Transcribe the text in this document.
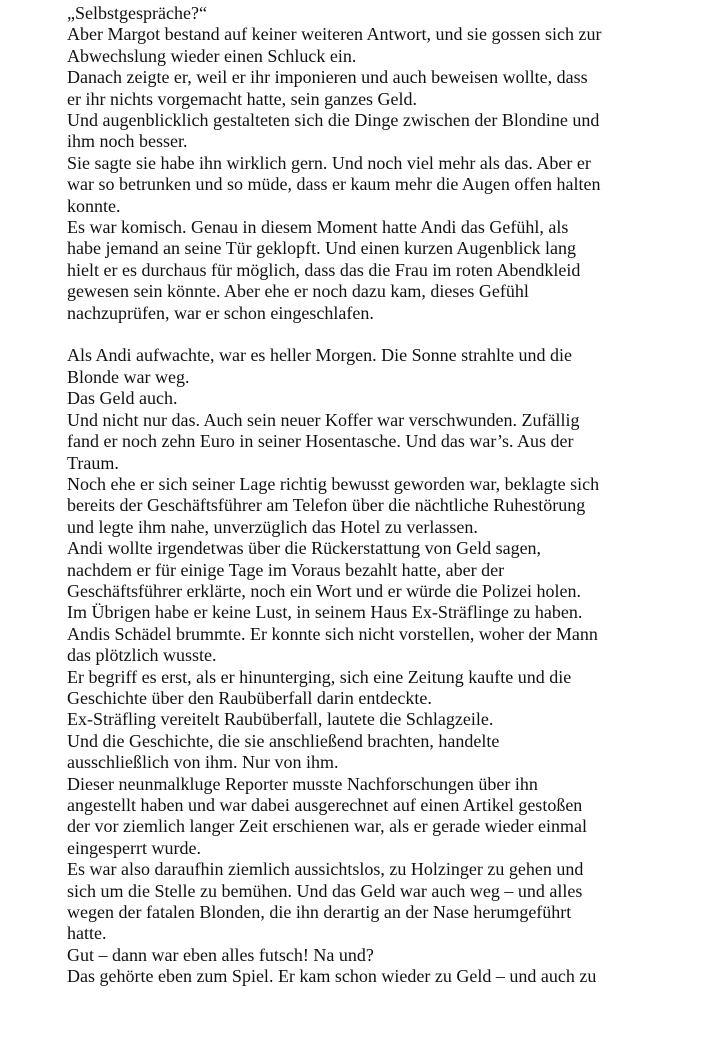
„Selbstgespräche?“
Aber Margot bestand auf keiner weiteren Antwort, und sie gossen sich zur
Abwechslung wieder einen Schluck ein.
Danach zeigte er, weil er ihr imponieren und auch beweisen wollte, dass
er ihr nichts vorgemacht hatte, sein ganzes Geld.
Und augenblicklich gestalteten sich die Dinge zwischen der Blondine und
ihm noch besser.
Sie sagte sie habe ihn wirklich gern. Und noch viel mehr als das. Aber er
war so betrunken und so müde, dass er kaum mehr die Augen offen halten
konnte.
Es war komisch. Genau in diesem Moment hatte Andi das Gefühl, als
habe jemand an seine Tür geklopft. Und einen kurzen Augenblick lang
hielt er es durchaus für möglich, dass das die Frau im roten Abendkleid
gewesen sein könnte. Aber ehe er noch dazu kam, dieses Gefühl
nachzuprüfen, war er schon eingeschlafen.
Als Andi aufwachte, war es heller Morgen. Die Sonne strahlte und die
Blonde war weg.
Das Geld auch.
Und nicht nur das. Auch sein neuer Koffer war verschwunden. Zufällig
fand er noch zehn Euro in seiner Hosentasche. Und das war’s. Aus der
Traum.
Noch ehe er sich seiner Lage richtig bewusst geworden war, beklagte sich
bereits der Geschäftsführer am Telefon über die nächtliche Ruhestörung
und legte ihm nahe, unverzüglich das Hotel zu verlassen.
Andi wollte irgendetwas über die Rückerstattung von Geld sagen,
nachdem er für einige Tage im Voraus bezahlt hatte, aber der
Geschäftsführer erklärte, noch ein Wort und er würde die Polizei holen.
Im Übrigen habe er keine Lust, in seinem Haus Ex-Sträflinge zu haben.
Andis Schädel brummte. Er konnte sich nicht vorstellen, woher der Mann
das plötzlich wusste.
Er begriff es erst, als er hinunterging, sich eine Zeitung kaufte und die
Geschichte über den Raubüberfall darin entdeckte.
Ex-Sträfling vereitelt Raubüberfall, lautete die Schlagzeile.
Und die Geschichte, die sie anschließend brachten, handelte
ausschließlich von ihm. Nur von ihm.
Dieser neunmalkluge Reporter musste Nachforschungen über ihn
angestellt haben und war dabei ausgerechnet auf einen Artikel gestoßen
der vor ziemlich langer Zeit erschienen war, als er gerade wieder einmal
eingesperrt wurde.
Es war also daraufhin ziemlich aussichtslos, zu Holzinger zu gehen und
sich um die Stelle zu bemühen. Und das Geld war auch weg – und alles
wegen der fatalen Blonden, die ihn derartig an der Nase herumgeführt
hatte.
Gut – dann war eben alles futsch! Na und?
Das gehörte eben zum Spiel. Er kam schon wieder zu Geld – und auch zu
